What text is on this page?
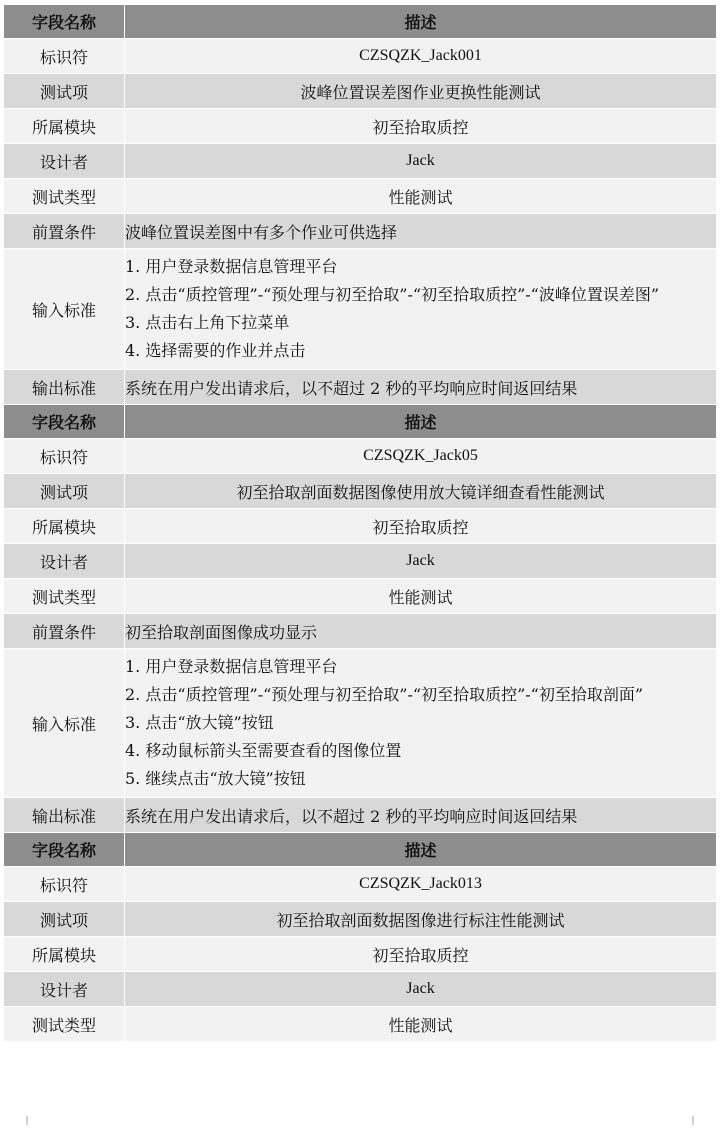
字段名称	描述
标识符	CZSQZK_Jack001
测试项	波峰位置误差图作业更换性能测试
所属模块	初至拾取质控
设计者	Jack
测试类型	性能测试
前置条件	波峰位置误差图中有多个作业可供选择
输入标准	1. 用户登录数据信息管理平台
2. 点击“质控管理”-“预处理与初至拾取”-“初至拾取质控”-“波峰位置误差图”
3. 点击右上角下拉菜单
4. 选择需要的作业并点击

输出标准	系统在用户发出请求后，以不超过 2 秒的平均响应时间返回结果
字段名称	描述
标识符	CZSQZK_Jack05
测试项	初至拾取剖面数据图像使用放大镜详细查看性能测试
所属模块	初至拾取质控
设计者	Jack
测试类型	性能测试
前置条件	初至拾取剖面图像成功显示
输入标准	1. 用户登录数据信息管理平台
2. 点击“质控管理”-“预处理与初至拾取”-“初至拾取质控”-“初至拾取剖面”
3. 点击“放大镜”按钮
4. 移动鼠标箭头至需要查看的图像位置
5. 继续点击“放大镜”按钮

输出标准	系统在用户发出请求后，以不超过 2 秒的平均响应时间返回结果
字段名称	描述
标识符	CZSQZK_Jack013
测试项	初至拾取剖面数据图像进行标注性能测试
所属模块	初至拾取质控
设计者	Jack
测试类型	性能测试
